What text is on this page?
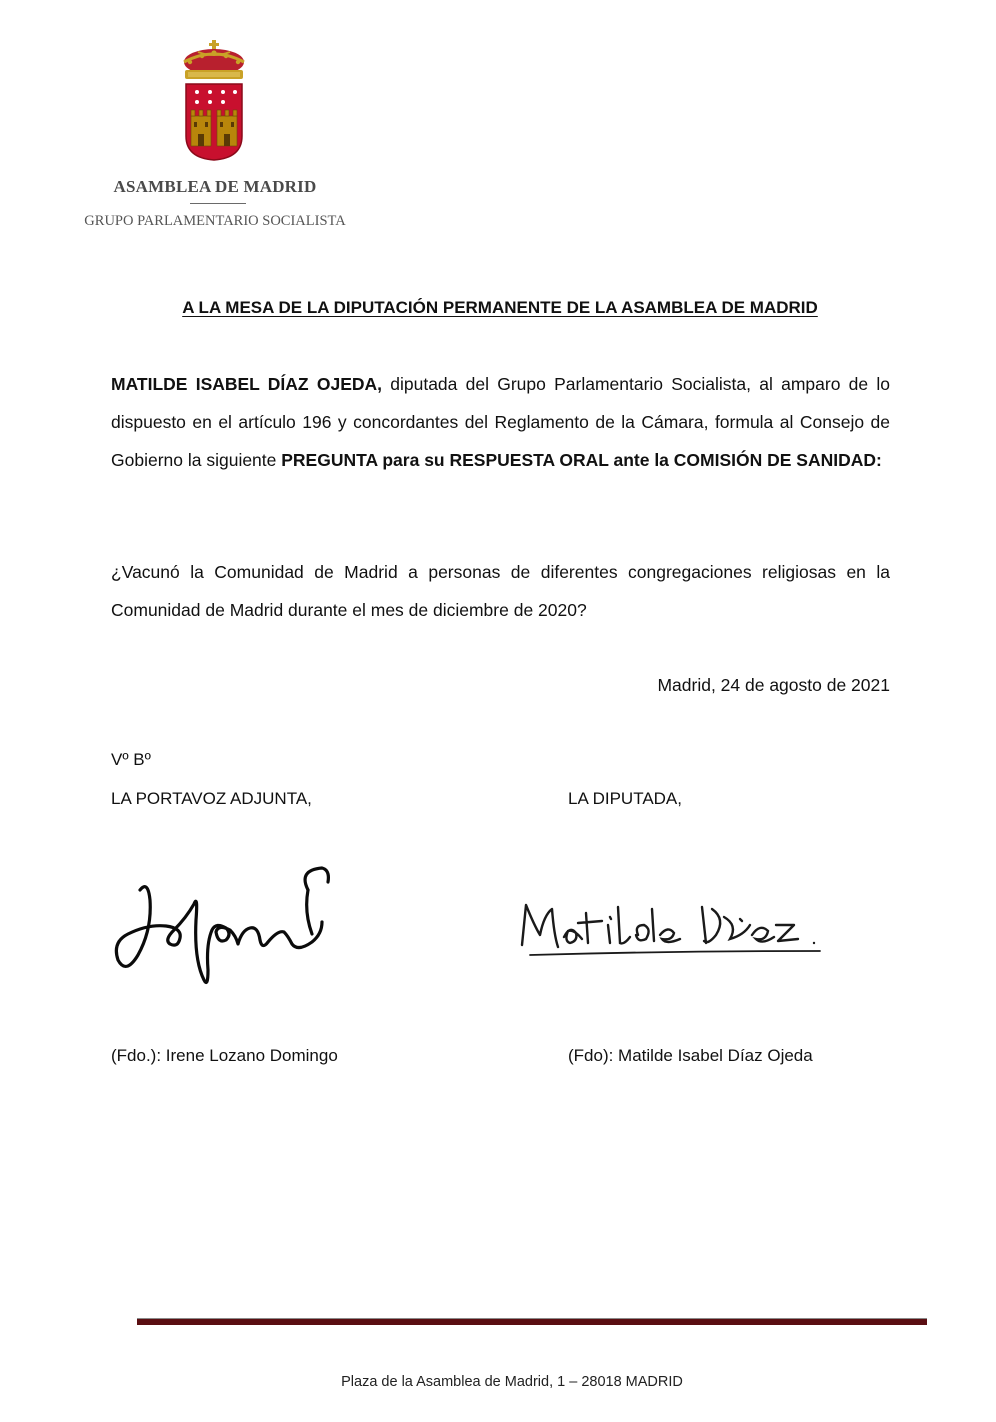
ASAMBLEA DE MADRID
GRUPO PARLAMENTARIO SOCIALISTA
A LA MESA DE LA DIPUTACIÓN PERMANENTE DE LA ASAMBLEA DE MADRID
MATILDE ISABEL DÍAZ OJEDA, diputada del Grupo Parlamentario Socialista, al amparo de lo dispuesto en el artículo 196 y concordantes del Reglamento de la Cámara, formula al Consejo de Gobierno la siguiente PREGUNTA para su RESPUESTA ORAL ante la COMISIÓN DE SANIDAD:
¿Vacunó la Comunidad de Madrid a personas de diferentes congregaciones religiosas en la Comunidad de Madrid durante el mes de diciembre de 2020?
Madrid, 24 de agosto de 2021
Vº Bº
LA PORTAVOZ ADJUNTA,	LA DIPUTADA,
(Fdo.): Irene Lozano Domingo	(Fdo): Matilde Isabel Díaz Ojeda
Plaza de la Asamblea de Madrid, 1 – 28018 MADRID
